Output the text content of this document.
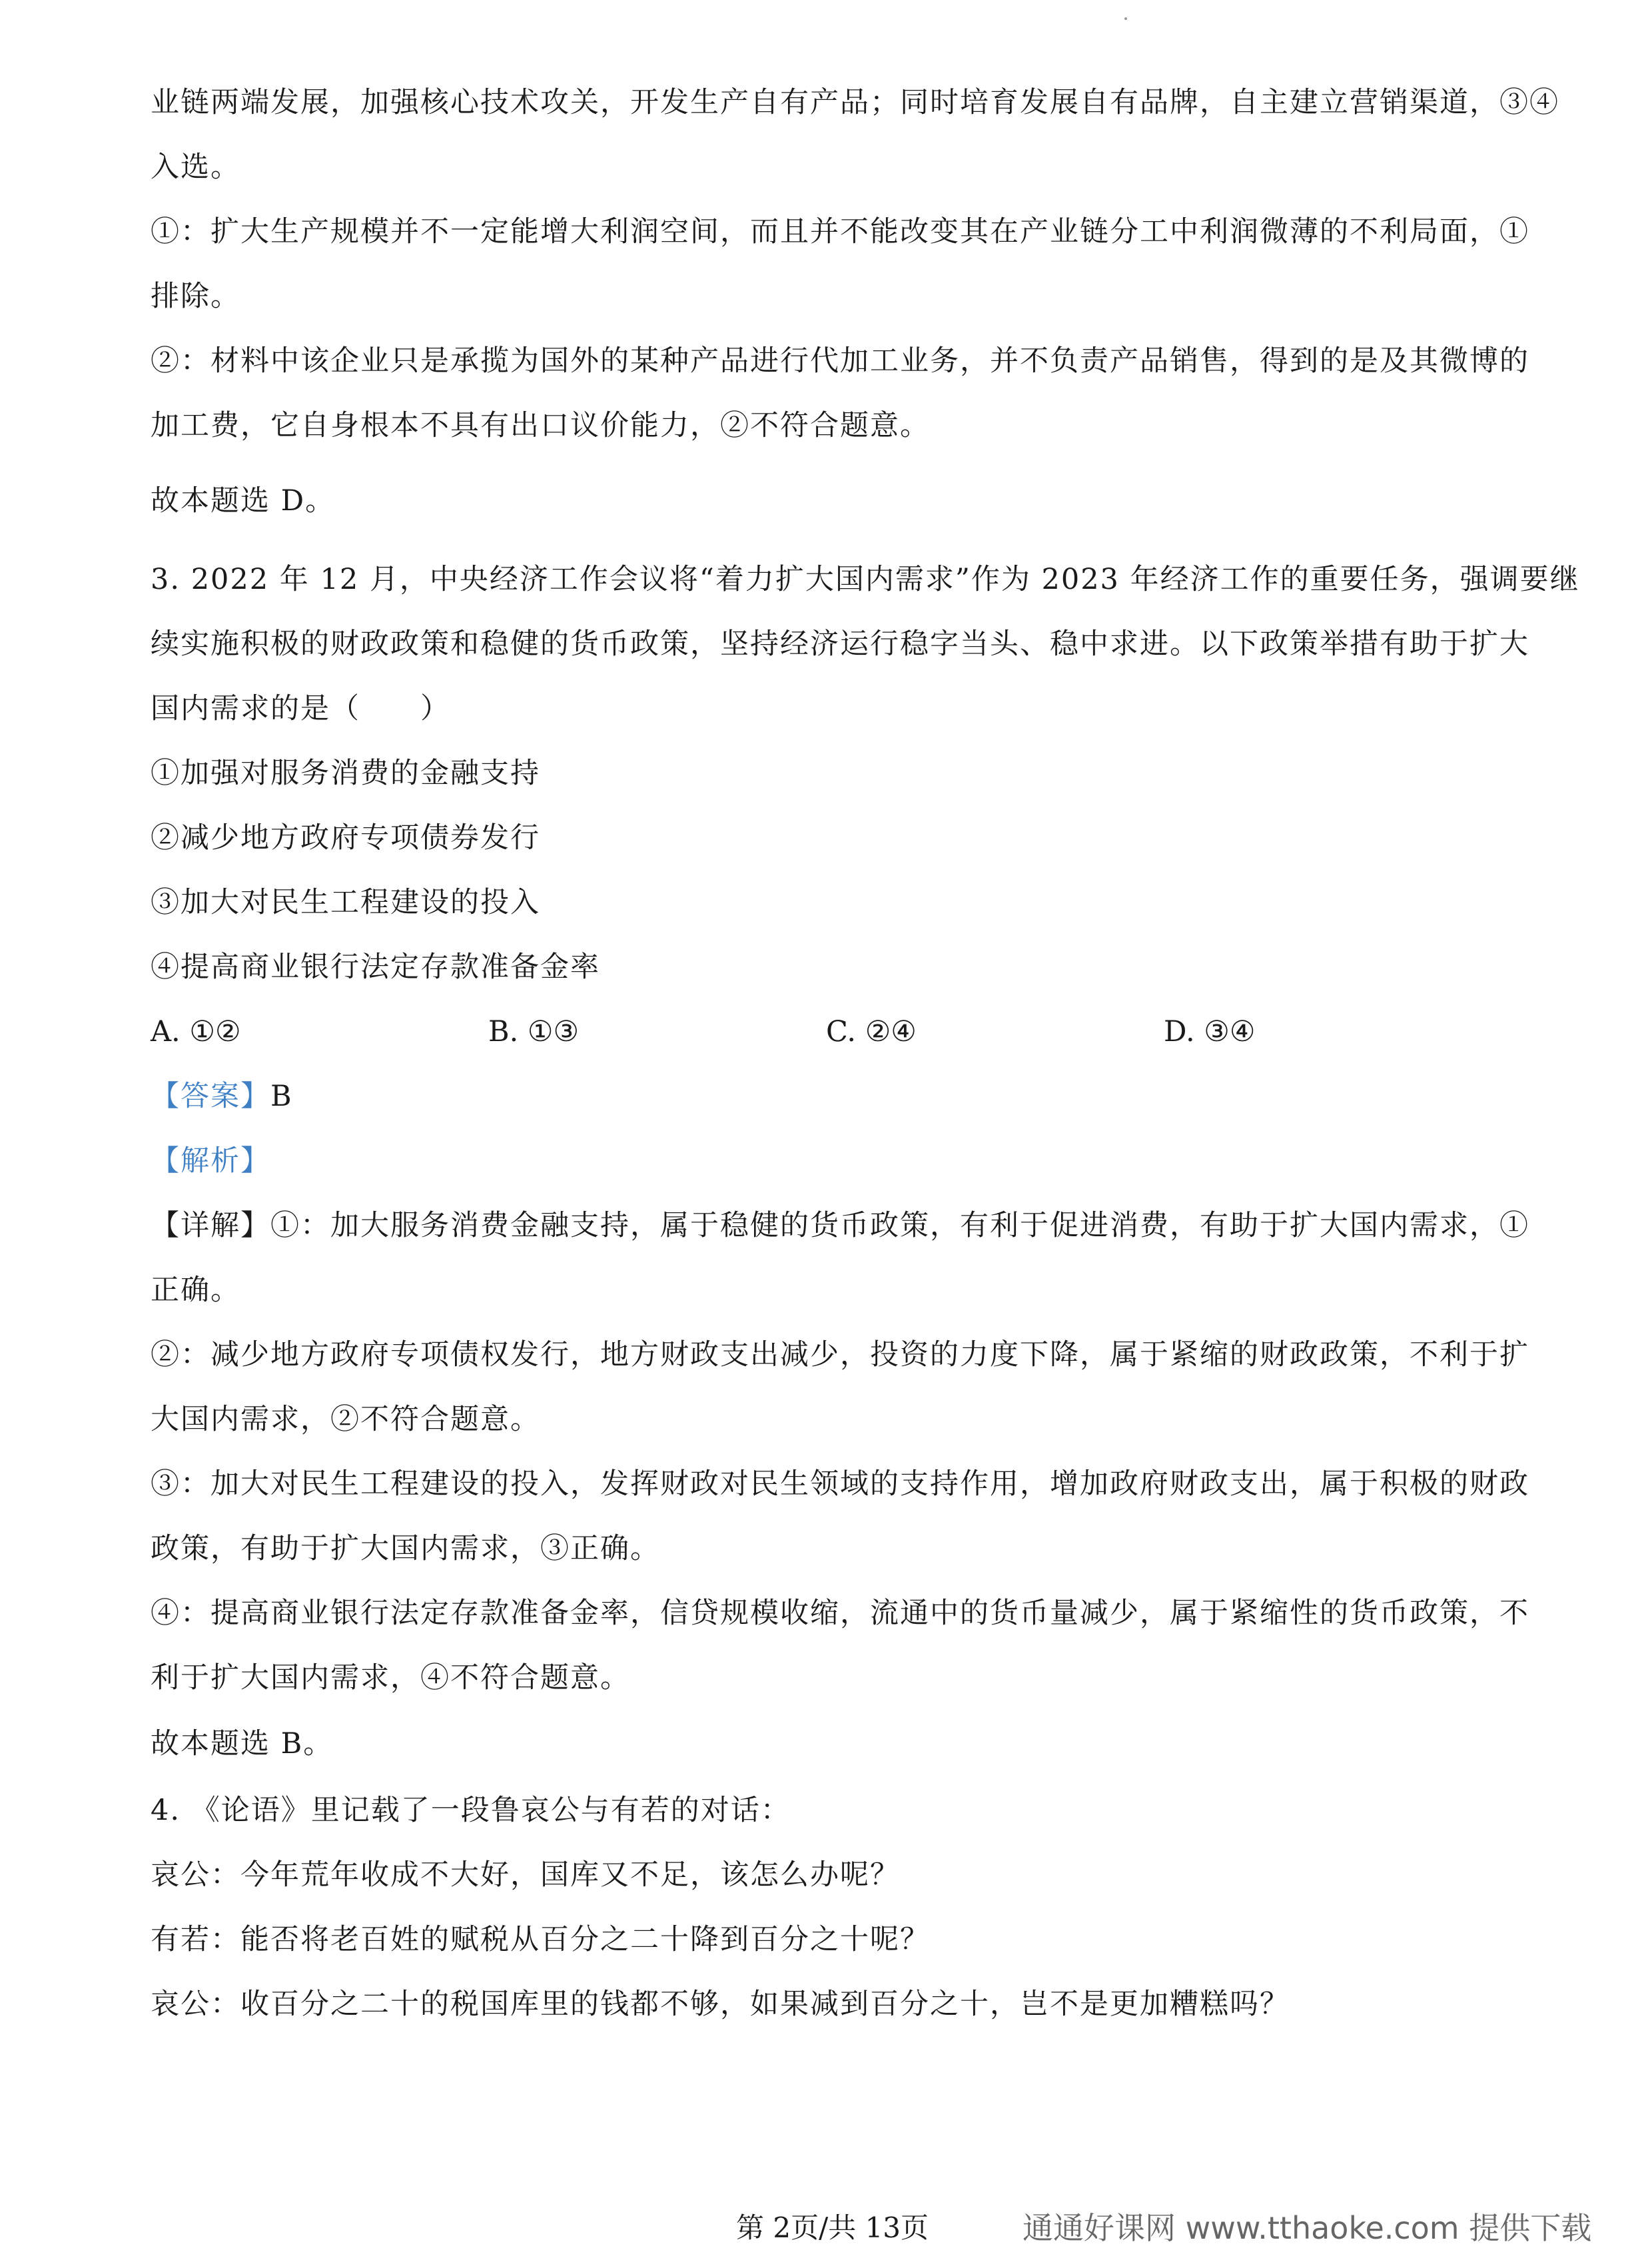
业链两端发展，加强核心技术攻关，开发生产自有产品；同时培育发展自有品牌，自主建立营销渠道，③④
入选。
①：扩大生产规模并不一定能增大利润空间，而且并不能改变其在产业链分工中利润微薄的不利局面，①
排除。
②：材料中该企业只是承揽为国外的某种产品进行代加工业务，并不负责产品销售，得到的是及其微博的
加工费，它自身根本不具有出口议价能力，②不符合题意。
故本题选 D。
3. 2022 年 12 月，中央经济工作会议将“着力扩大国内需求”作为 2023 年经济工作的重要任务，强调要继
续实施积极的财政政策和稳健的货币政策，坚持经济运行稳字当头、稳中求进。以下政策举措有助于扩大
国内需求的是（　　）
①加强对服务消费的金融支持
②减少地方政府专项债券发行
③加大对民生工程建设的投入
④提高商业银行法定存款准备金率
A. ①②	B. ①③	C. ②④	D. ③④
【答案】B
【解析】
【详解】①：加大服务消费金融支持，属于稳健的货币政策，有利于促进消费，有助于扩大国内需求，①
正确。
②：减少地方政府专项债权发行，地方财政支出减少，投资的力度下降，属于紧缩的财政政策，不利于扩
大国内需求，②不符合题意。
③：加大对民生工程建设的投入，发挥财政对民生领域的支持作用，增加政府财政支出，属于积极的财政
政策，有助于扩大国内需求，③正确。
④：提高商业银行法定存款准备金率，信贷规模收缩，流通中的货币量减少，属于紧缩性的货币政策，不
利于扩大国内需求，④不符合题意。
故本题选 B。
4. 《论语》里记载了一段鲁哀公与有若的对话：
哀公：今年荒年收成不大好，国库又不足，该怎么办呢？
有若：能否将老百姓的赋税从百分之二十降到百分之十呢？
哀公：收百分之二十的税国库里的钱都不够，如果减到百分之十，岂不是更加糟糕吗？
第 2页/共 13页	通通好课网 www.tthaoke.com 提供下载
